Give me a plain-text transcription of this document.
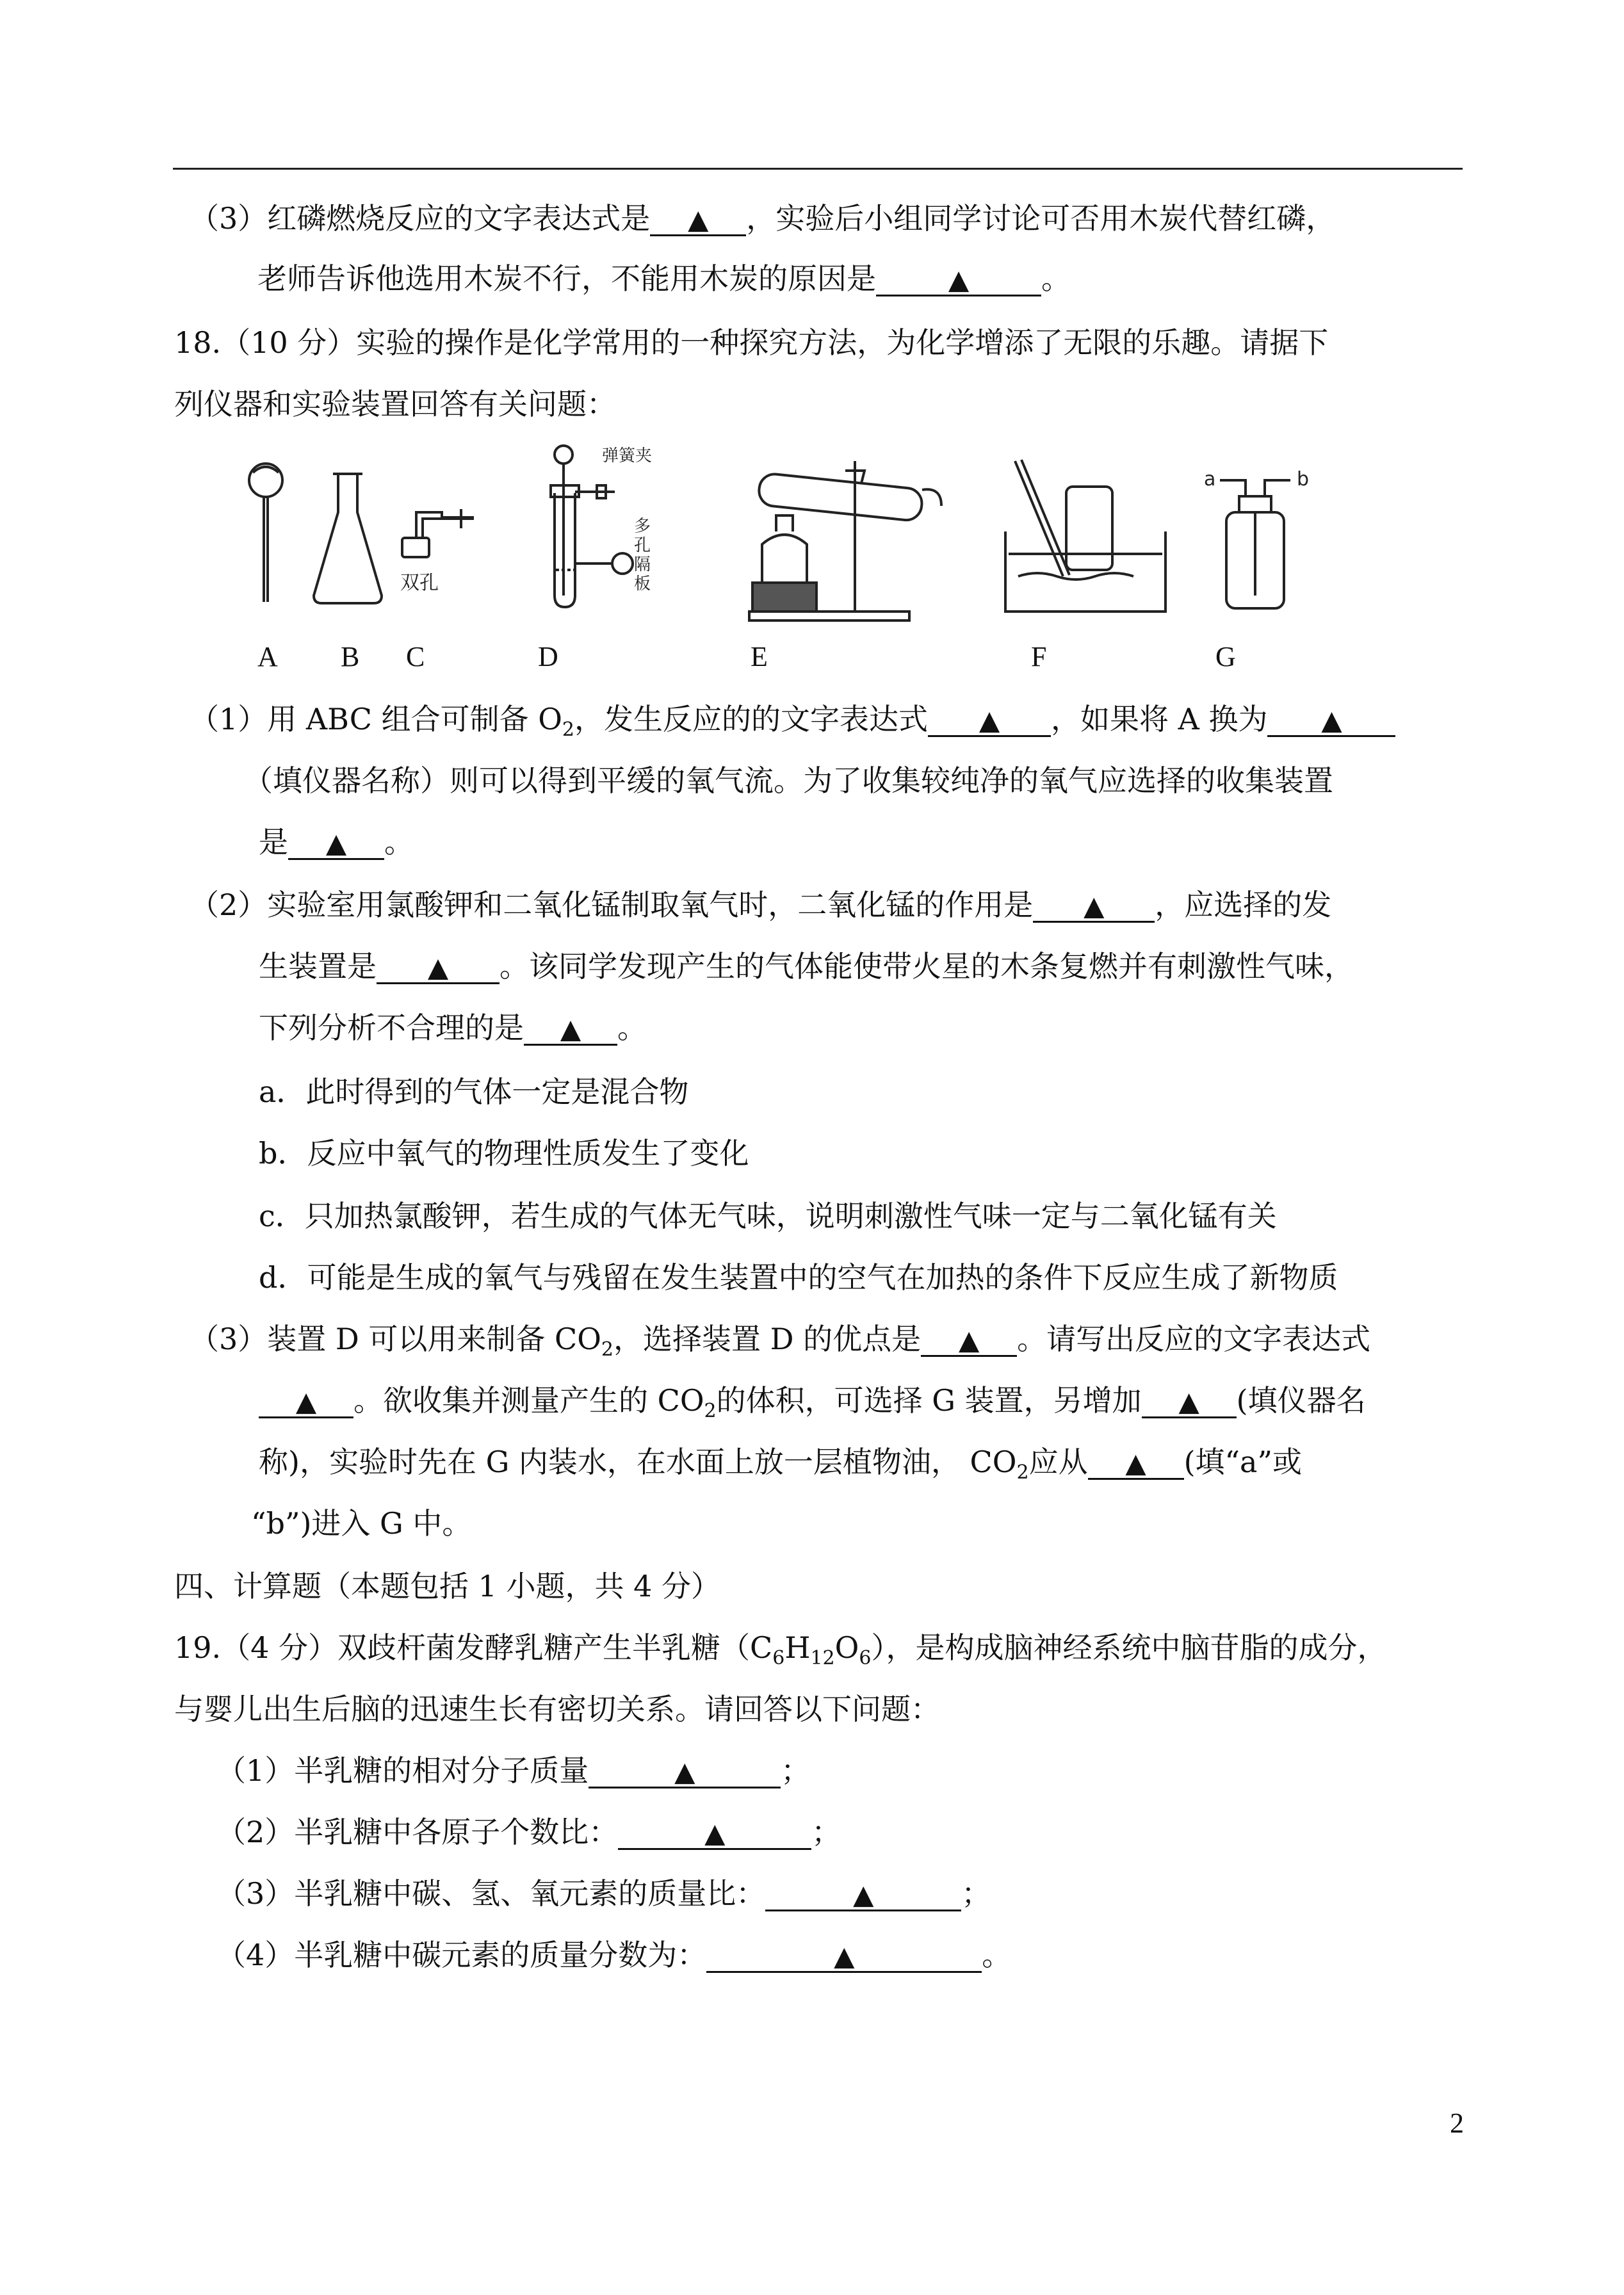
（3）红磷燃烧反应的文字表达式是 ▲ ，实验后小组同学讨论可否用木炭代替红磷，
老师告诉他选用木炭不行，不能用木炭的原因是	▲ 。
18.（10 分）实验的操作是化学常用的一种探究方法，为化学增添了无限的乐趣。请据下
列仪器和实验装置回答有关问题：
双孔
弹簧夹
多
孔
隔
板
a	b
A B C	D	E	F	G
（1）用 ABC 组合可制备 $O_2$，发生反应的的文字表达式 ▲ ，如果将 A 换为 ▲
（填仪器名称）则可以得到平缓的氧气流。为了收集较纯净的氧气应选择的收集装置
是 ▲ 。
（2）实验室用氯酸钾和二氧化锰制取氧气时，二氧化锰的作用是 ▲ ，应选择的发
生装置是 ▲ 。该同学发现产生的气体能使带火星的木条复燃并有刺激性气味，
下列分析不合理的是 ▲ 。
a．此时得到的气体一定是混合物
b．反应中氧气的物理性质发生了变化
c．只加热氯酸钾，若生成的气体无气味，说明刺激性气味一定与二氧化锰有关
d．可能是生成的氧气与残留在发生装置中的空气在加热的条件下反应生成了新物质
（3）装置 D 可以用来制备 $CO_2$，选择装置 D 的优点是 ▲ 。请写出反应的文字表达式
▲ 。欲收集并测量产生的 $CO_2$的体积，可选择 G 装置，另增加 ▲ (填仪器名
称)，实验时先在 G 内装水，在水面上放一层植物油， $CO_2$应从 ▲ (填“a”或
“b”)进入 G 中。
四、计算题（本题包括 1 小题，共 4 分）
19.（4 分）双歧杆菌发酵乳糖产生半乳糖$(C_6H_{12}O_6)$，是构成脑神经系统中脑苷脂的成分，
与婴儿出生后脑的迅速生长有密切关系。请回答以下问题：
（1）半乳糖的相对分子质量	▲	；
（2）半乳糖中各原子个数比：	▲	；
（3）半乳糖中碳、氢、氧元素的质量比：	▲	；
（4）半乳糖中碳元素的质量分数为：	▲	。
2
